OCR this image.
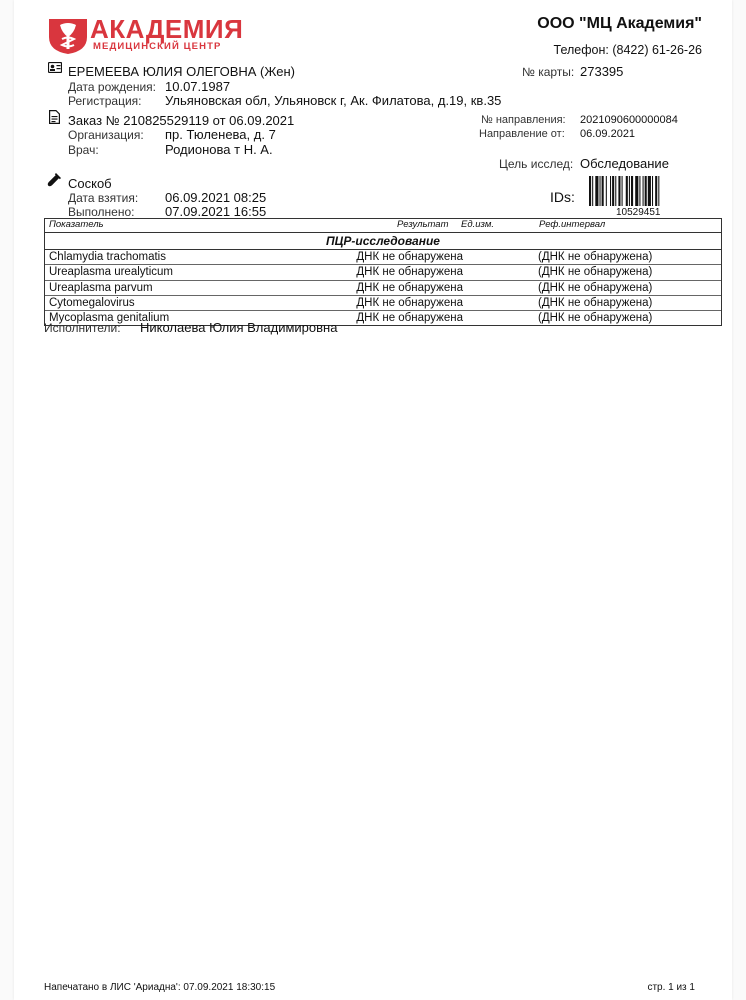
АКАДЕМИЯ
МЕДИЦИНСКИЙ ЦЕНТР
ООО "МЦ Академия"
Телефон: (8422) 61-26-26
ЕРЕМЕЕВА ЮЛИЯ ОЛЕГОВНА (Жен)	№ карты: 273395
Дата рождения: 10.07.1987
Регистрация: Ульяновская обл, Ульяновск г, Ак. Филатова, д.19, кв.35
Заказ № 210825529119 от 06.09.2021	№ направления: 2021090600000084
Организация: пр. Тюленева, д. 7	Направление от: 06.09.2021
Врач:	Родионова т Н. А.
Цель исслед: Обследование
Соскоб
Дата взятия: 06.09.2021 08:25
Выполнено: 07.09.2021 16:55
IDs:
10529451
Показатель	Результат Ед.изм.	Реф.интервал
ПЦР-исследование
Chlamydia trachomatis	ДНК не обнаружена	(ДНК не обнаружена)
Ureaplasma urealyticum	ДНК не обнаружена	(ДНК не обнаружена)
Ureaplasma parvum	ДНК не обнаружена	(ДНК не обнаружена)
Cytomegalovirus	ДНК не обнаружена	(ДНК не обнаружена)
Mycoplasma genitalium	ДНК не обнаружена	(ДНК не обнаружена)
Исполнители: Николаева Юлия Владимировна
Напечатано в ЛИС 'Ариадна': 07.09.2021 18:30:15	стр. 1 из 1
